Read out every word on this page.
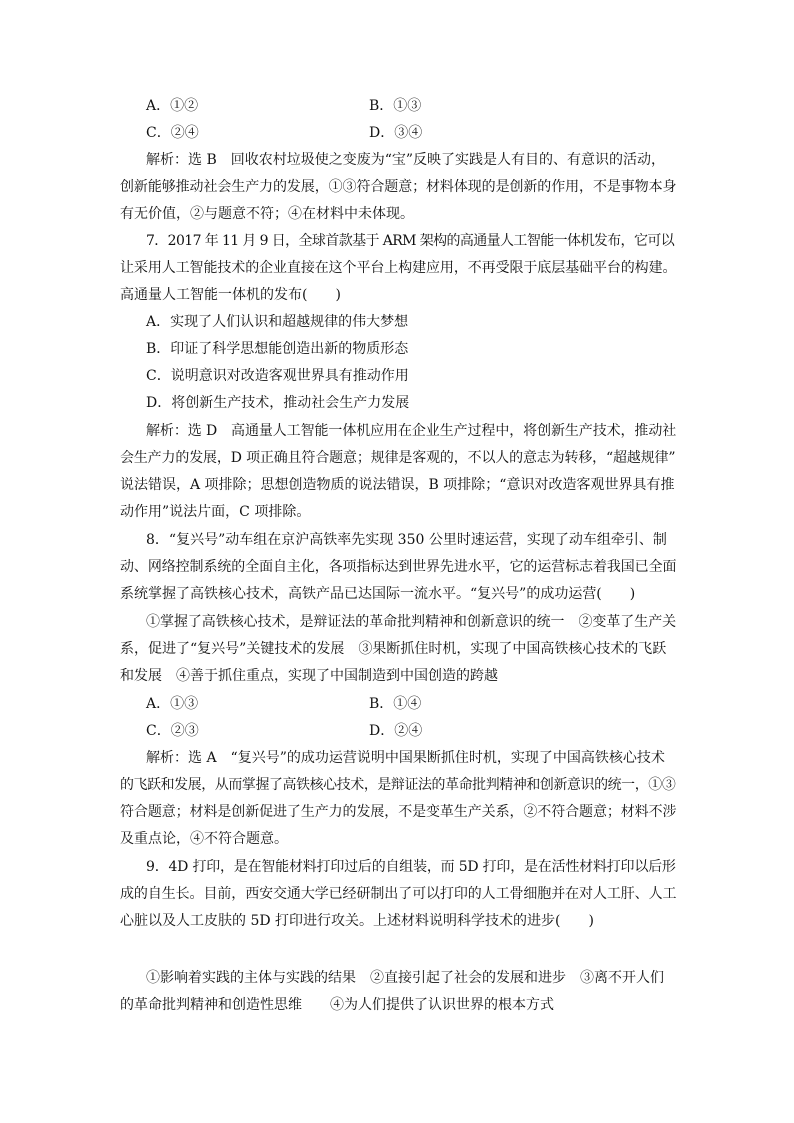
A．①②	B．①③
C．②④	D．③④
解析：选 B　回收农村垃圾使之变废为“宝”反映了实践是人有目的、有意识的活动，
创新能够推动社会生产力的发展，①③符合题意；材料体现的是创新的作用，不是事物本身
有无价值，②与题意不符；④在材料中未体现。
7．2017 年 11 月 9 日，全球首款基于 ARM 架构的高通量人工智能一体机发布，它可以
让采用人工智能技术的企业直接在这个平台上构建应用，不再受限于底层基础平台的构建。
高通量人工智能一体机的发布(　　)
A．实现了人们认识和超越规律的伟大梦想
B．印证了科学思想能创造出新的物质形态
C．说明意识对改造客观世界具有推动作用
D．将创新生产技术，推动社会生产力发展
解析：选 D　高通量人工智能一体机应用在企业生产过程中，将创新生产技术，推动社
会生产力的发展，D 项正确且符合题意；规律是客观的，不以人的意志为转移，“超越规律”
说法错误，A 项排除；思想创造物质的说法错误，B 项排除；“意识对改造客观世界具有推
动作用”说法片面，C 项排除。
8．“复兴号”动车组在京沪高铁率先实现 350 公里时速运营，实现了动车组牵引、制
动、网络控制系统的全面自主化，各项指标达到世界先进水平，它的运营标志着我国已全面
系统掌握了高铁核心技术，高铁产品已达国际一流水平。“复兴号”的成功运营(　　)
①掌握了高铁核心技术，是辩证法的革命批判精神和创新意识的统一　②变革了生产关
系，促进了“复兴号”关键技术的发展　③果断抓住时机，实现了中国高铁核心技术的飞跃
和发展　④善于抓住重点，实现了中国制造到中国创造的跨越
A．①③	B．①④
C．②③	D．②④
解析：选 A　“复兴号”的成功运营说明中国果断抓住时机，实现了中国高铁核心技术
的飞跃和发展，从而掌握了高铁核心技术，是辩证法的革命批判精神和创新意识的统一，①③
符合题意；材料是创新促进了生产力的发展，不是变革生产关系，②不符合题意；材料不涉
及重点论，④不符合题意。
9．4D 打印，是在智能材料打印过后的自组装，而 5D 打印，是在活性材料打印以后形
成的自生长。目前，西安交通大学已经研制出了可以打印的人工骨细胞并在对人工肝、人工
心脏以及人工皮肤的 5D 打印进行攻关。上述材料说明科学技术的进步(　　)
①影响着实践的主体与实践的结果　②直接引起了社会的发展和进步　③离不开人们
的革命批判精神和创造性思维　　④为人们提供了认识世界的根本方式
